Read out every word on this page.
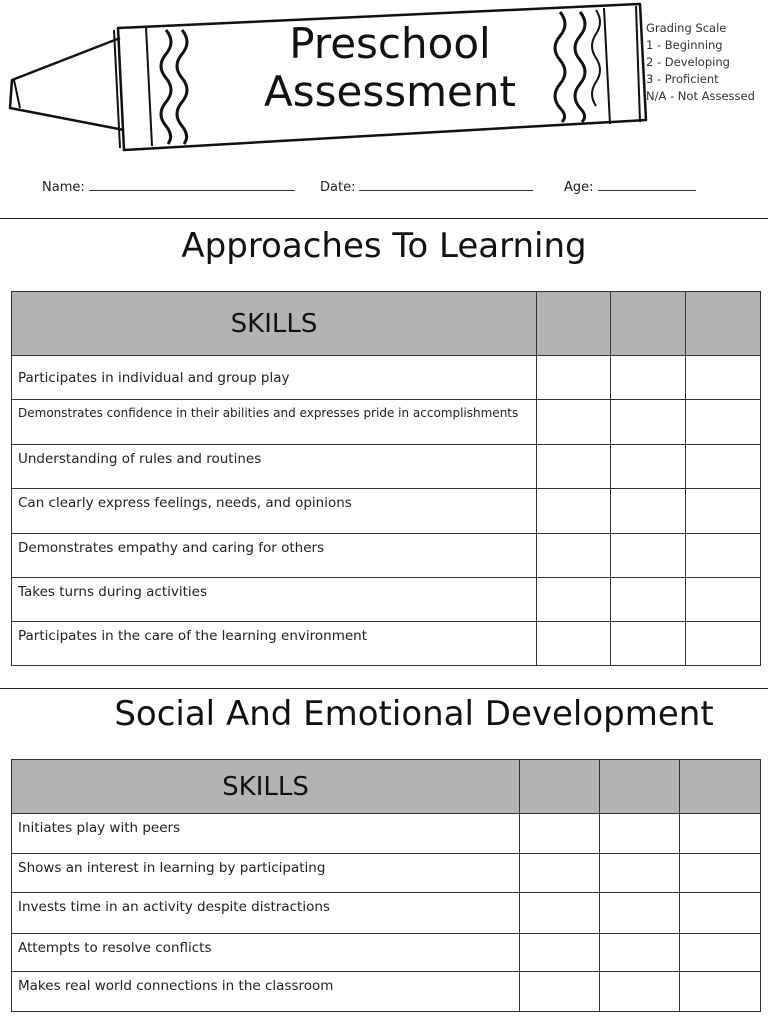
Preschool
Assessment
Grading Scale
1 - Beginning
2 - Developing
3 - Proficient
N/A - Not Assessed
Name:	Date:	Age:
Approaches To Learning
SKILLS			
Participates in individual and group play			
Demonstrates confidence in their abilities and expresses pride in accomplishments			
Understanding of rules and routines			
Can clearly express feelings, needs, and opinions			
Demonstrates empathy and caring for others			
Takes turns during activities			
Participates in the care of the learning environment			
Social And Emotional Development
SKILLS			
Initiates play with peers			
Shows an interest in learning by participating			
Invests time in an activity despite distractions			
Attempts to resolve conflicts			
Makes real world connections in the classroom			
